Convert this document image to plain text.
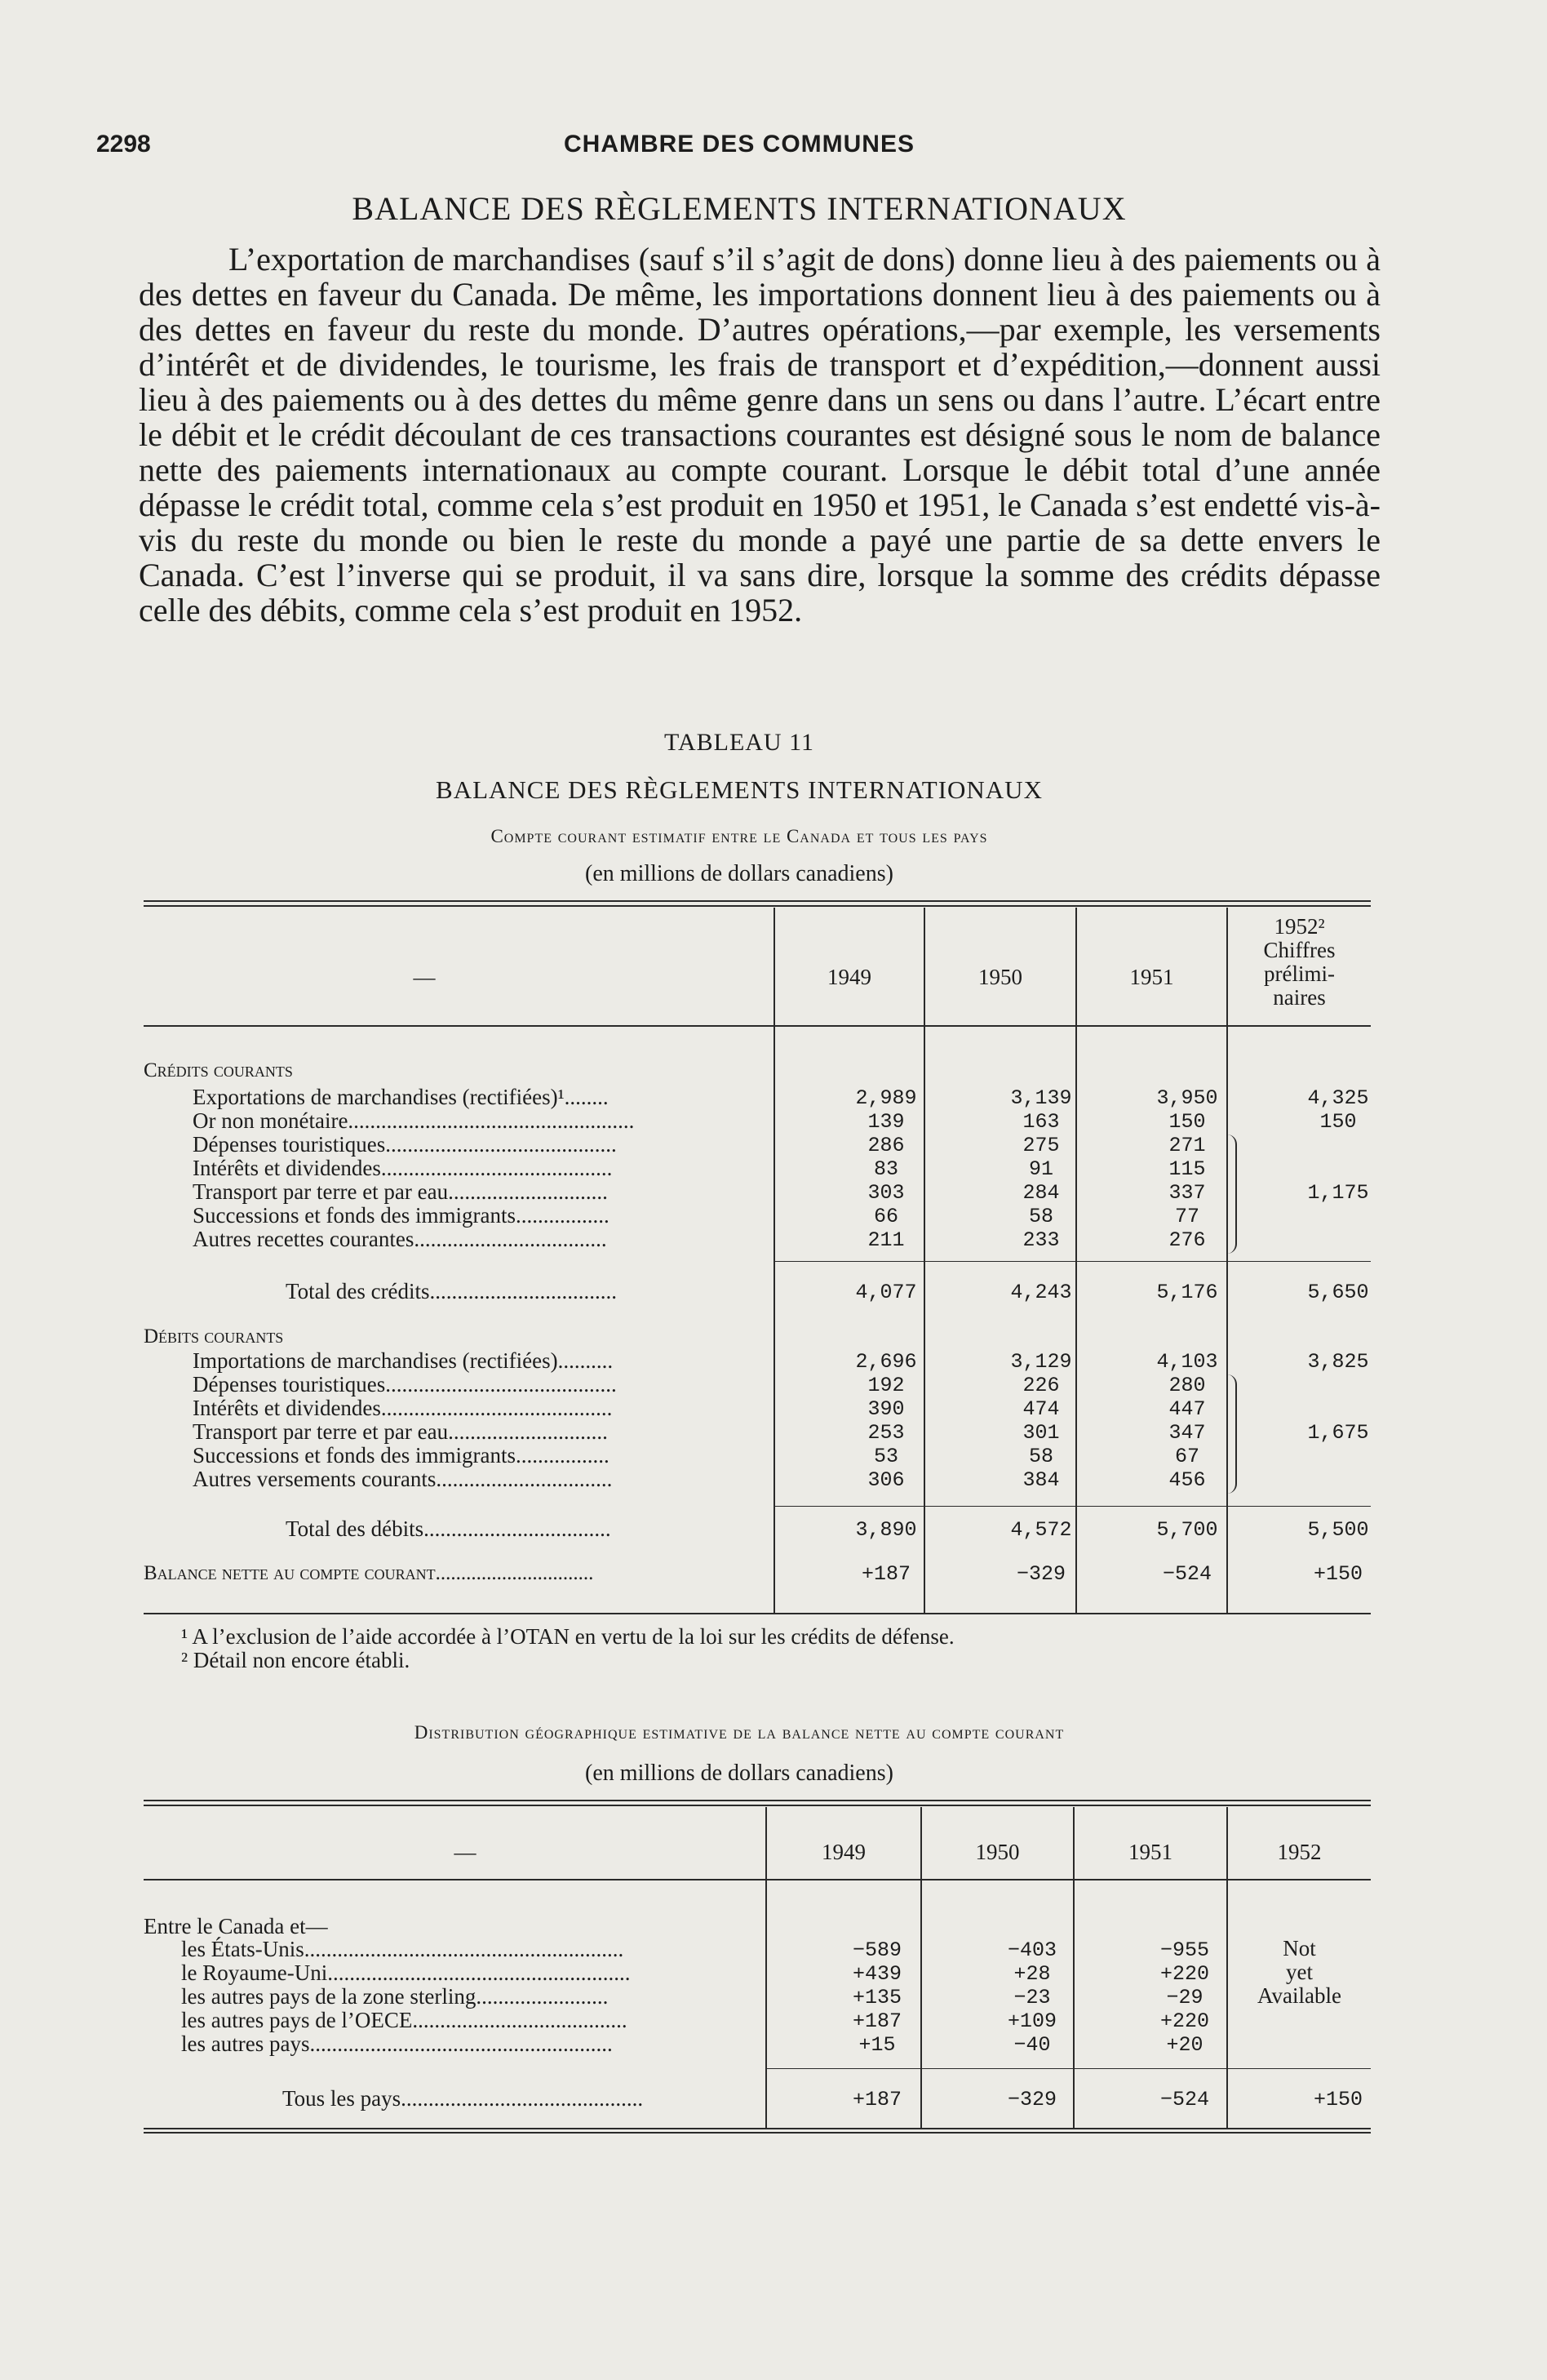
2298	CHAMBRE DES COMMUNES
BALANCE DES RÈGLEMENTS INTERNATIONAUX

L’exportation de marchandises (sauf s’il s’agit de dons) donne lieu à des paiements ou à des dettes en faveur du Canada. De même, les importations donnent lieu à des paiements ou à des dettes en faveur du reste du monde. D’autres opérations,—par exemple, les versements d’intérêt et de dividendes, le tourisme, les frais de transport et d’expédition,—donnent aussi lieu à des paiements ou à des dettes du même genre dans un sens ou dans l’autre. L’écart entre le débit et le crédit découlant de ces transactions courantes est désigné sous le nom de balance nette des paiements internationaux au compte courant. Lorsque le débit total d’une année dépasse le crédit total, comme cela s’est produit en 1950 et 1951, le Canada s’est endetté vis-à-vis du reste du monde ou bien le reste du monde a payé une partie de sa dette envers le Canada. C’est l’inverse qui se produit, il va sans dire, lorsque la somme des crédits dépasse celle des débits, comme cela s’est produit en 1952.

TABLEAU 11
BALANCE DES RÈGLEMENTS INTERNATIONAUX
Compte courant estimatif entre le Canada et tous les pays
(en millions de dollars canadiens)
—	1949	1950	1951
1952²
Chiffres
prélimi-
naires
Crédits courants
Exportations de marchandises (rectifiées)¹........	2,989	3,139	3,950	4,325
Or non monétaire....................................................	139	163	150	150
Dépenses touristiques..........................................	286	275	271
Intérêts et dividendes..........................................	83	91	115
Transport par terre et par eau.............................	303	284	337	1,175
Successions et fonds des immigrants.................	66	58	77
Autres recettes courantes...................................	211	233	276
Total des crédits..................................	4,077	4,243	5,176	5,650
Débits courants
Importations de marchandises (rectifiées)..........	2,696	3,129	4,103	3,825
Dépenses touristiques..........................................	192	226	280
Intérêts et dividendes..........................................	390	474	447
Transport par terre et par eau.............................	253	301	347	1,675
Successions et fonds des immigrants.................	53	58	67
Autres versements courants................................	306	384	456
Total des débits..................................	3,890	4,572	5,700	5,500
Balance nette au compte courant...............................	+187	−329	−524	+150
¹ A l’exclusion de l’aide accordée à l’OTAN en vertu de la loi sur les crédits de défense.
² Détail non encore établi.
Distribution géographique estimative de la balance nette au compte courant
(en millions de dollars canadiens)
—	1949	1950	1951	1952
Entre le Canada et—
les États-Unis..........................................................	−589	−403	−955
le Royaume-Uni.......................................................	+439	+28	+220
les autres pays de la zone sterling........................	+135	−23	−29
les autres pays de l’OECE.......................................	+187	+109	+220
les autres pays.......................................................	+15	−40	+20
Not
yet
Available
Tous les pays............................................	+187	−329	−524	+150
